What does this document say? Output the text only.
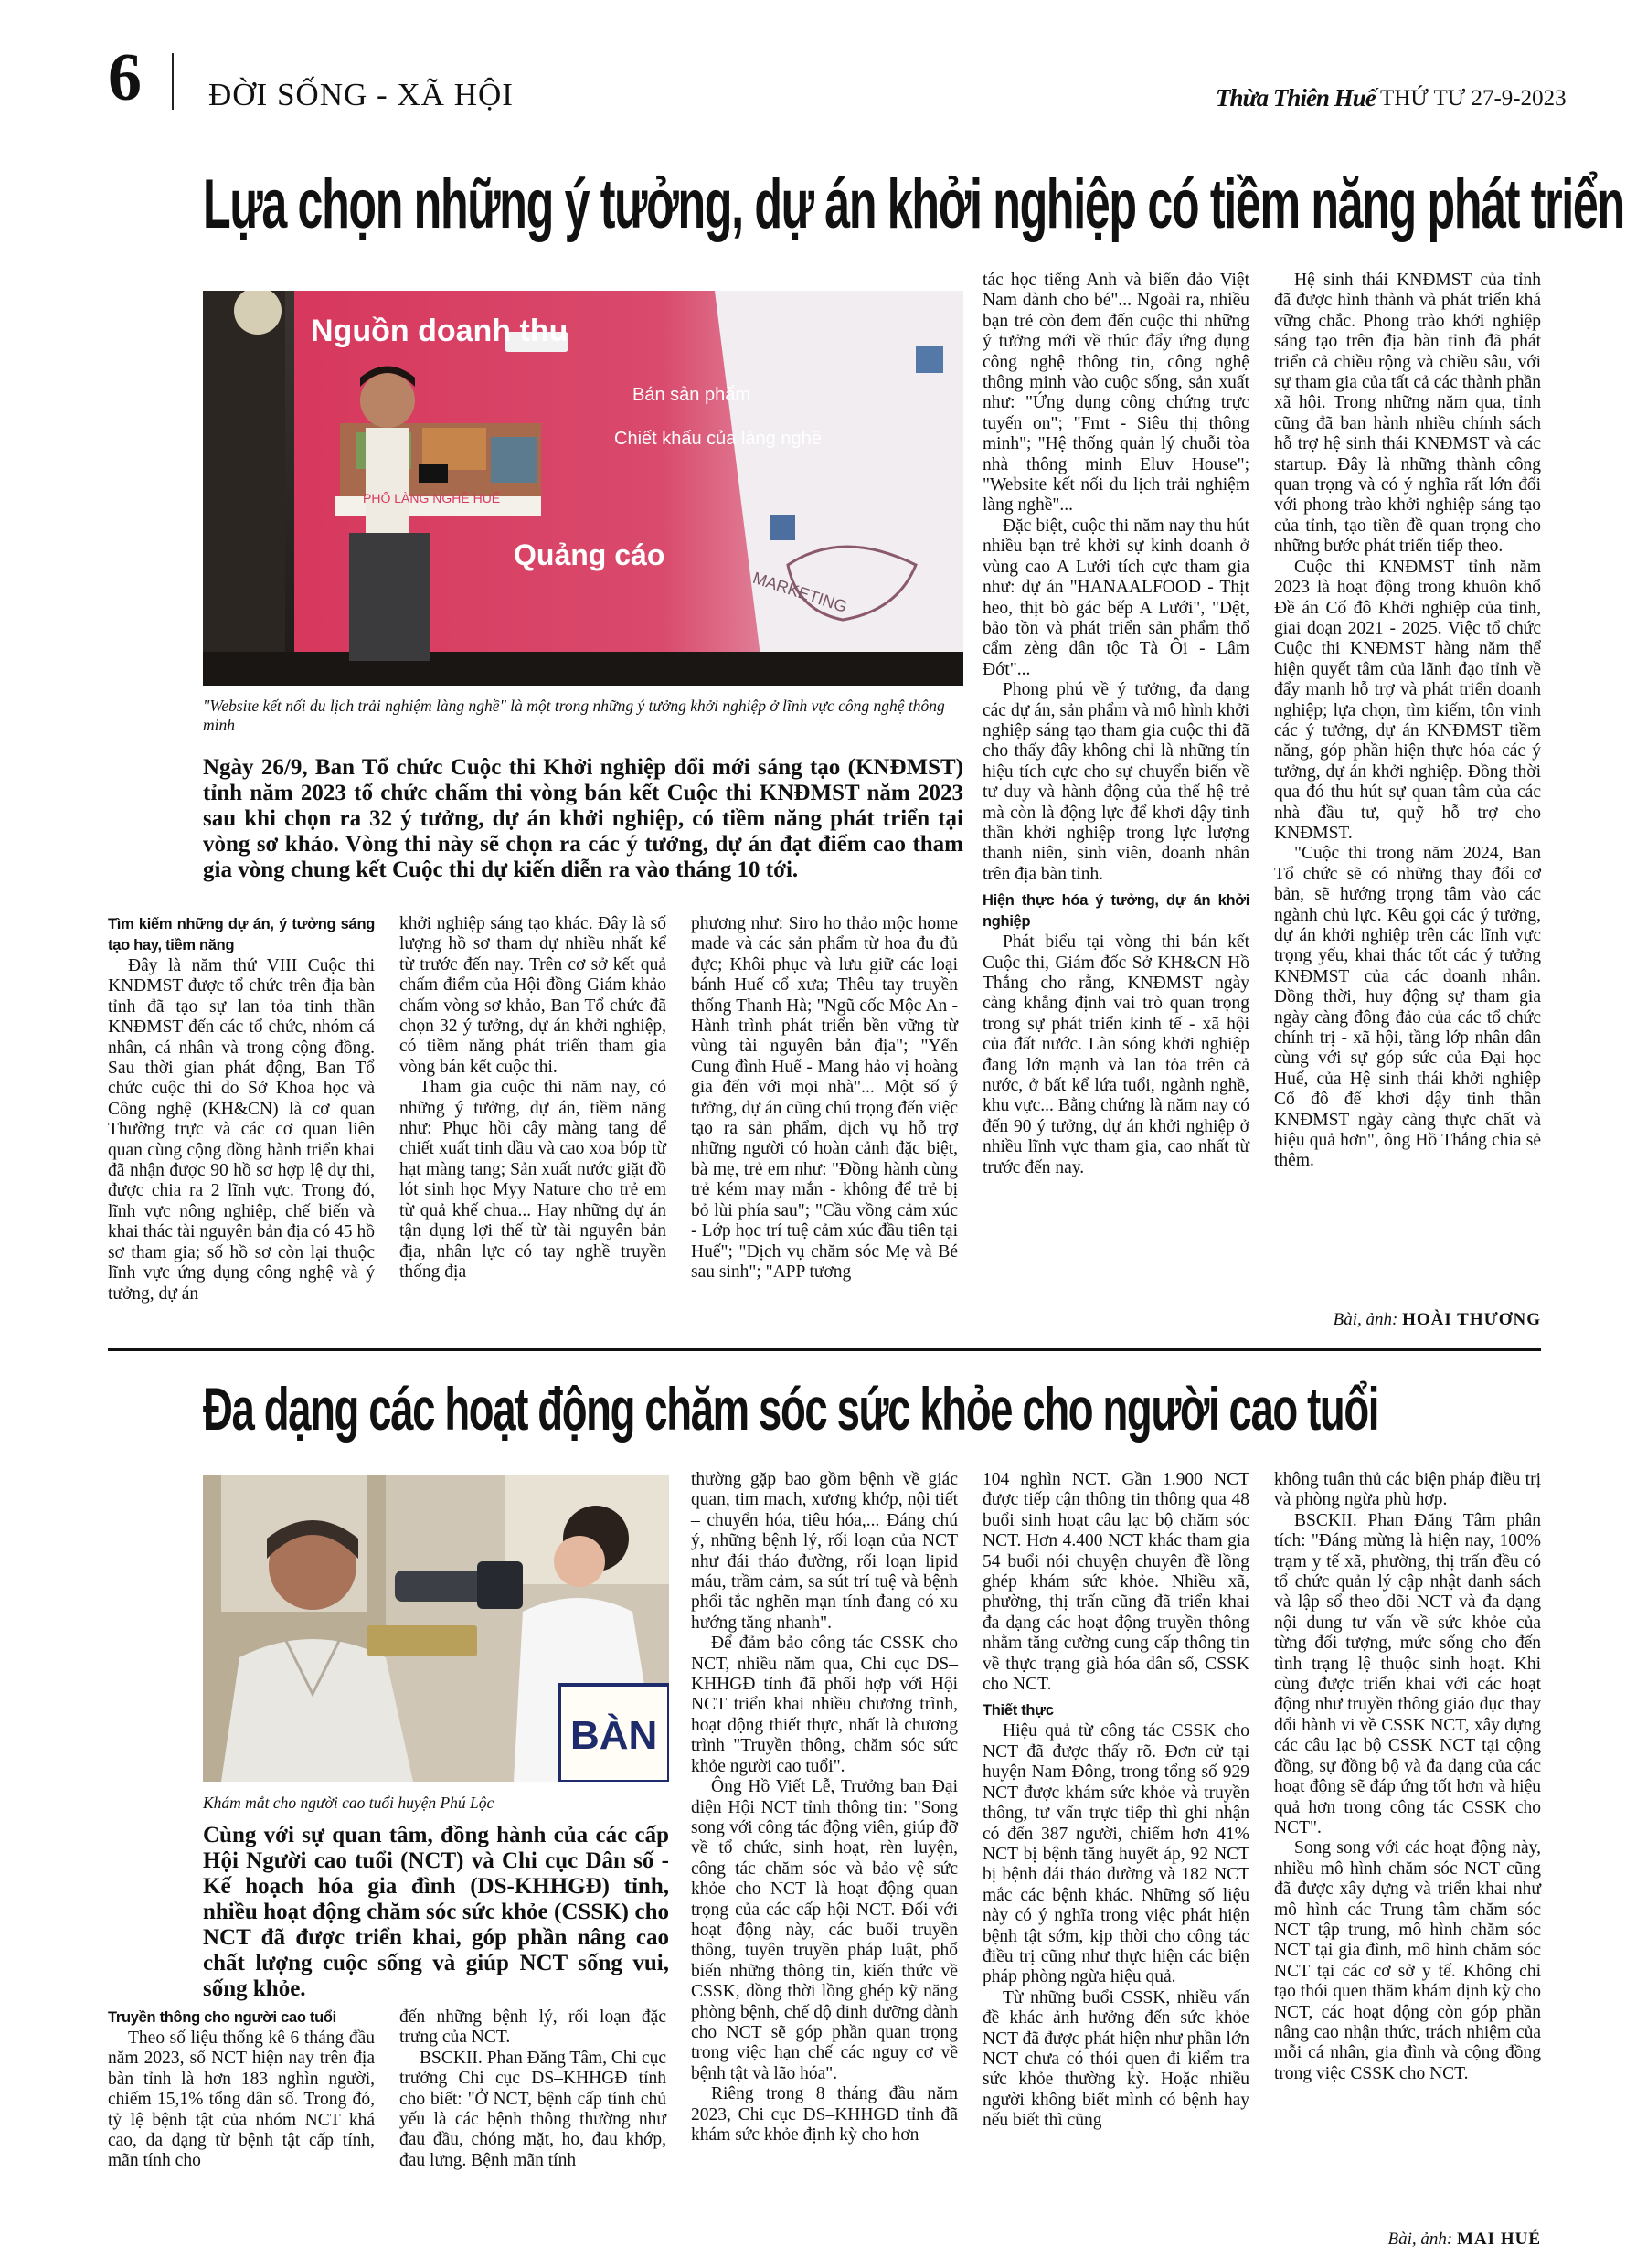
6 ĐỜI SỐNG - XÃ HỘI	Thừa Thiên Huế THỨ TƯ 27-9-2023
Lựa chọn những ý tưởng, dự án khởi nghiệp có tiềm năng phát triển
Nguồn doanh thu
PHỐ LÀNG NGHỀ HUẾ
Bán sản phẩm
Chiết khấu của làng nghề
Quảng cáo
MARKETING
"Website kết nối du lịch trải nghiệm làng nghề" là một trong những ý tưởng khởi nghiệp ở lĩnh vực công nghệ thông minh
Ngày 26/9, Ban Tổ chức Cuộc thi Khởi nghiệp đổi mới sáng tạo (KNĐMST) tỉnh năm 2023 tổ chức chấm thi vòng bán kết Cuộc thi KNĐMST năm 2023 sau khi chọn ra 32 ý tưởng, dự án khởi nghiệp, có tiềm năng phát triển tại vòng sơ khảo. Vòng thi này sẽ chọn ra các ý tưởng, dự án đạt điểm cao tham gia vòng chung kết Cuộc thi dự kiến diễn ra vào tháng 10 tới.

Tìm kiếm những dự án, ý tưởng sáng tạo hay, tiềm năng

Đây là năm thứ VIII Cuộc thi KNĐMST được tổ chức trên địa bàn tỉnh đã tạo sự lan tỏa tinh thần KNĐMST đến các tổ chức, nhóm cá nhân, cá nhân và trong cộng đồng. Sau thời gian phát động, Ban Tổ chức cuộc thi do Sở Khoa học và Công nghệ (KH&CN) là cơ quan Thường trực và các cơ quan liên quan cùng cộng đồng hành triển khai đã nhận được 90 hồ sơ hợp lệ dự thi, được chia ra 2 lĩnh vực. Trong đó, lĩnh vực nông nghiệp, chế biến và khai thác tài nguyên bản địa có 45 hồ sơ tham gia; số hồ sơ còn lại thuộc lĩnh vực ứng dụng công nghệ và ý tưởng, dự án

khởi nghiệp sáng tạo khác. Đây là số lượng hồ sơ tham dự nhiều nhất kể từ trước đến nay. Trên cơ sở kết quả chấm điểm của Hội đồng Giám khảo chấm vòng sơ khảo, Ban Tổ chức đã chọn 32 ý tưởng, dự án khởi nghiệp, có tiềm năng phát triển tham gia vòng bán kết cuộc thi.

Tham gia cuộc thi năm nay, có những ý tưởng, dự án, tiềm năng như: Phục hồi cây màng tang để chiết xuất tinh dầu và cao xoa bóp từ hạt màng tang; Sản xuất nước giặt đồ lót sinh học Myy Nature cho trẻ em từ quả khế chua... Hay những dự án tận dụng lợi thế từ tài nguyên bản địa, nhân lực có tay nghề truyền thống địa

phương như: Siro ho thảo mộc home made và các sản phẩm từ hoa đu đủ đực; Khôi phục và lưu giữ các loại bánh Huế cổ xưa; Thêu tay truyền thống Thanh Hà; "Ngũ cốc Mộc An - Hành trình phát triển bền vững từ vùng tài nguyên bản địa"; "Yến Cung đình Huế - Mang hảo vị hoàng gia đến với mọi nhà"... Một số ý tưởng, dự án cũng chú trọng đến việc tạo ra sản phẩm, dịch vụ hỗ trợ những người có hoàn cảnh đặc biệt, bà mẹ, trẻ em như: "Đồng hành cùng trẻ kém may mắn - không để trẻ bị bỏ lùi phía sau"; "Cầu vồng cảm xúc - Lớp học trí tuệ cảm xúc đầu tiên tại Huế"; "Dịch vụ chăm sóc Mẹ và Bé sau sinh"; "APP tương

tác học tiếng Anh và biển đảo Việt Nam dành cho bé"... Ngoài ra, nhiều bạn trẻ còn đem đến cuộc thi những ý tưởng mới về thúc đẩy ứng dụng công nghệ thông tin, công nghệ thông minh vào cuộc sống, sản xuất như: "Ứng dụng công chứng trực tuyến on"; "Fmt - Siêu thị thông minh"; "Hệ thống quản lý chuỗi tòa nhà thông minh Eluv House"; "Website kết nối du lịch trải nghiệm làng nghề"...

Đặc biệt, cuộc thi năm nay thu hút nhiều bạn trẻ khởi sự kinh doanh ở vùng cao A Lưới tích cực tham gia như: dự án "HANAALFOOD - Thịt heo, thịt bò gác bếp A Lưới", "Dệt, bảo tồn và phát triển sản phẩm thổ cẩm zèng dân tộc Tà Ôi - Lâm Đớt"...

Phong phú về ý tưởng, đa dạng các dự án, sản phẩm và mô hình khởi nghiệp sáng tạo tham gia cuộc thi đã cho thấy đây không chỉ là những tín hiệu tích cực cho sự chuyển biến về tư duy và hành động của thế hệ trẻ mà còn là động lực để khơi dậy tinh thần khởi nghiệp trong lực lượng thanh niên, sinh viên, doanh nhân trên địa bàn tỉnh.

Hiện thực hóa ý tưởng, dự án khởi nghiệp

Phát biểu tại vòng thi bán kết Cuộc thi, Giám đốc Sở KH&CN Hồ Thắng cho rằng, KNĐMST ngày càng khẳng định vai trò quan trọng trong sự phát triển kinh tế - xã hội của đất nước. Làn sóng khởi nghiệp đang lớn mạnh và lan tỏa trên cả nước, ở bất kể lứa tuổi, ngành nghề, khu vực... Bằng chứng là năm nay có đến 90 ý tưởng, dự án khởi nghiệp ở nhiều lĩnh vực tham gia, cao nhất từ trước đến nay.

Hệ sinh thái KNĐMST của tỉnh đã được hình thành và phát triển khá vững chắc. Phong trào khởi nghiệp sáng tạo trên địa bàn tỉnh đã phát triển cả chiều rộng và chiều sâu, với sự tham gia của tất cả các thành phần xã hội. Trong những năm qua, tỉnh cũng đã ban hành nhiều chính sách hỗ trợ hệ sinh thái KNĐMST và các startup. Đây là những thành công quan trọng và có ý nghĩa rất lớn đối với phong trào khởi nghiệp sáng tạo của tỉnh, tạo tiền đề quan trọng cho những bước phát triển tiếp theo.

Cuộc thi KNĐMST tỉnh năm 2023 là hoạt động trong khuôn khổ Đề án Cố đô Khởi nghiệp của tỉnh, giai đoạn 2021 - 2025. Việc tổ chức Cuộc thi KNĐMST hàng năm thể hiện quyết tâm của lãnh đạo tỉnh về đẩy mạnh hỗ trợ và phát triển doanh nghiệp; lựa chọn, tìm kiếm, tôn vinh các ý tưởng, dự án KNĐMST tiềm năng, góp phần hiện thực hóa các ý tưởng, dự án khởi nghiệp. Đồng thời qua đó thu hút sự quan tâm của các nhà đầu tư, quỹ hỗ trợ cho KNĐMST.

"Cuộc thi trong năm 2024, Ban Tổ chức sẽ có những thay đổi cơ bản, sẽ hướng trọng tâm vào các ngành chủ lực. Kêu gọi các ý tưởng, dự án khởi nghiệp trên các lĩnh vực trọng yếu, khai thác tốt các ý tưởng KNĐMST của các doanh nhân. Đồng thời, huy động sự tham gia ngày càng đông đảo của các tổ chức chính trị - xã hội, tầng lớp nhân dân cùng với sự góp sức của Đại học Huế, của Hệ sinh thái khởi nghiệp Cố đô để khơi dậy tinh thần KNĐMST ngày càng thực chất và hiệu quả hơn", ông Hồ Thắng chia sẻ thêm.

Bài, ảnh: HOÀI THƯƠNG
Đa dạng các hoạt động chăm sóc sức khỏe cho người cao tuổi
BÀN
Khám mắt cho người cao tuổi huyện Phú Lộc
Cùng với sự quan tâm, đồng hành của các cấp Hội Người cao tuổi (NCT) và Chi cục Dân số - Kế hoạch hóa gia đình (DS-KHHGĐ) tỉnh, nhiều hoạt động chăm sóc sức khỏe (CSSK) cho NCT đã được triển khai, góp phần nâng cao chất lượng cuộc sống và giúp NCT sống vui, sống khỏe.

Truyền thông cho người cao tuổi

Theo số liệu thống kê 6 tháng đầu năm 2023, số NCT hiện nay trên địa bàn tỉnh là hơn 183 nghìn người, chiếm 15,1% tổng dân số. Trong đó, tỷ lệ bệnh tật của nhóm NCT khá cao, đa dạng từ bệnh tật cấp tính, mãn tính cho

đến những bệnh lý, rối loạn đặc trưng của NCT.

BSCKII. Phan Đăng Tâm, Chi cục trưởng Chi cục DS–KHHGĐ tỉnh cho biết: "Ở NCT, bệnh cấp tính chủ yếu là các bệnh thông thường như đau đầu, chóng mặt, ho, đau khớp, đau lưng. Bệnh mãn tính

thường gặp bao gồm bệnh về giác quan, tim mạch, xương khớp, nội tiết – chuyển hóa, tiêu hóa,... Đáng chú ý, những bệnh lý, rối loạn của NCT như đái tháo đường, rối loạn lipid máu, trầm cảm, sa sút trí tuệ và bệnh phổi tắc nghẽn mạn tính đang có xu hướng tăng nhanh".

Để đảm bảo công tác CSSK cho NCT, nhiều năm qua, Chi cục DS–KHHGĐ tỉnh đã phối hợp với Hội NCT triển khai nhiều chương trình, hoạt động thiết thực, nhất là chương trình "Truyền thông, chăm sóc sức khỏe người cao tuổi".

Ông Hồ Viết Lễ, Trưởng ban Đại diện Hội NCT tỉnh thông tin: "Song song với công tác động viên, giúp đỡ về tổ chức, sinh hoạt, rèn luyện, công tác chăm sóc và bảo vệ sức khỏe cho NCT là hoạt động quan trọng của các cấp hội NCT. Đối với hoạt động này, các buổi truyền thông, tuyên truyền pháp luật, phổ biến những thông tin, kiến thức về CSSK, đồng thời lồng ghép kỹ năng phòng bệnh, chế độ dinh dưỡng dành cho NCT sẽ góp phần quan trọng trong việc hạn chế các nguy cơ về bệnh tật và lão hóa".

Riêng trong 8 tháng đầu năm 2023, Chi cục DS–KHHGĐ tỉnh đã khám sức khỏe định kỳ cho hơn

104 nghìn NCT. Gần 1.900 NCT được tiếp cận thông tin thông qua 48 buổi sinh hoạt câu lạc bộ chăm sóc NCT. Hơn 4.400 NCT khác tham gia 54 buổi nói chuyện chuyên đề lồng ghép khám sức khỏe. Nhiều xã, phường, thị trấn cũng đã triển khai đa dạng các hoạt động truyền thông nhằm tăng cường cung cấp thông tin về thực trạng già hóa dân số, CSSK cho NCT.

Thiết thực

Hiệu quả từ công tác CSSK cho NCT đã được thấy rõ. Đơn cử tại huyện Nam Đông, trong tổng số 929 NCT được khám sức khỏe và truyền thông, tư vấn trực tiếp thì ghi nhận có đến 387 người, chiếm hơn 41% NCT bị bệnh tăng huyết áp, 92 NCT bị bệnh đái tháo đường và 182 NCT mắc các bệnh khác. Những số liệu này có ý nghĩa trong việc phát hiện bệnh tật sớm, kịp thời cho công tác điều trị cũng như thực hiện các biện pháp phòng ngừa hiệu quả.

Từ những buổi CSSK, nhiều vấn đề khác ảnh hưởng đến sức khỏe NCT đã được phát hiện như phần lớn NCT chưa có thói quen đi kiểm tra sức khỏe thường kỳ. Hoặc nhiều người không biết mình có bệnh hay nếu biết thì cũng

không tuân thủ các biện pháp điều trị và phòng ngừa phù hợp.

BSCKII. Phan Đăng Tâm phân tích: "Đáng mừng là hiện nay, 100% trạm y tế xã, phường, thị trấn đều có tổ chức quản lý cập nhật danh sách và lập sổ theo dõi NCT và đa dạng nội dung tư vấn về sức khỏe của từng đối tượng, mức sống cho đến tình trạng lệ thuộc sinh hoạt. Khi cùng được triển khai với các hoạt động như truyền thông giáo dục thay đổi hành vi về CSSK NCT, xây dựng các câu lạc bộ CSSK NCT tại cộng đồng, sự đồng bộ và đa dạng của các hoạt động sẽ đáp ứng tốt hơn và hiệu quả hơn trong công tác CSSK cho NCT".

Song song với các hoạt động này, nhiều mô hình chăm sóc NCT cũng đã được xây dựng và triển khai như mô hình các Trung tâm chăm sóc NCT tập trung, mô hình chăm sóc NCT tại gia đình, mô hình chăm sóc NCT tại các cơ sở y tế. Không chỉ tạo thói quen thăm khám định kỳ cho NCT, các hoạt động còn góp phần nâng cao nhận thức, trách nhiệm của mỗi cá nhân, gia đình và cộng đồng trong việc CSSK cho NCT.

Bài, ảnh: MAI HUÉ
